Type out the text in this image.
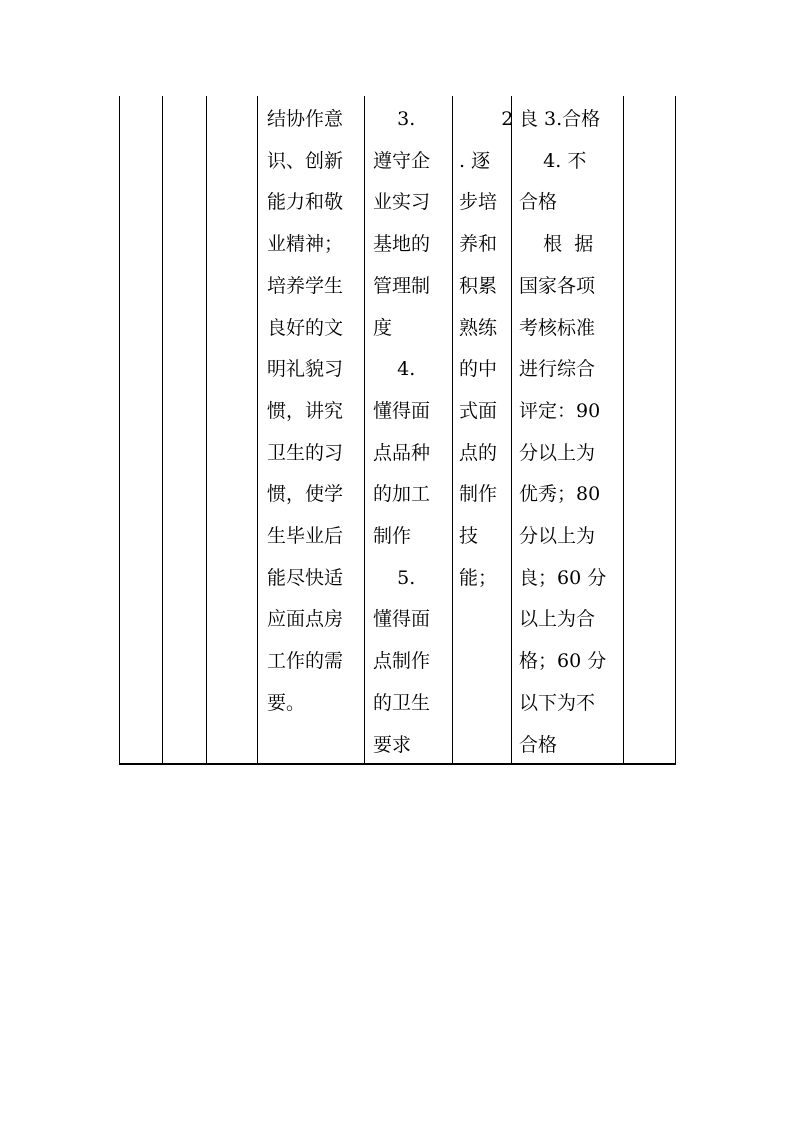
结协作意
识、创新
能力和敬
业精神；
培养学生
良好的文
明礼貌习
惯，讲究
卫生的习
惯，使学
生毕业后
能尽快适
应面点房
工作的需
要。
3.
遵守企
业实习
基地的
管理制
度
4.
懂得面
点品种
的加工
制作
5.
懂得面
点制作
的卫生
要求
2
. 逐
步培
养和
积累
熟练
的中
式面
点的
制作
技
能；
良 3.合格
4. 不
合格
根  据
国家各项
考核标准
进行综合
评定：90
分以上为
优秀；80
分以上为
良；60 分
以上为合
格；60 分
以下为不
合格
